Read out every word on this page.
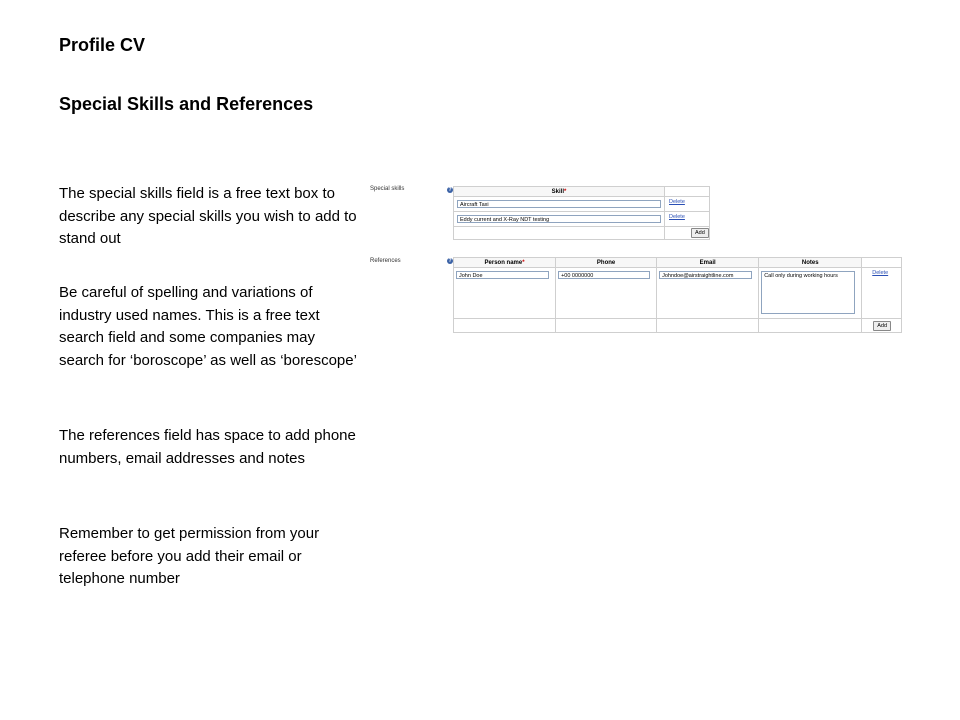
Profile CV
Special Skills and References

The special skills field is a free text box to describe any special skills you wish to add to stand out

Be careful of spelling and variations of industry used names. This is a free text search field and some companies may search for ‘boroscope’ as well as ‘borescope’

The references field has space to add phone numbers, email addresses and notes

Remember to get permission from your referee before you add their email or telephone number

Special skills	?	Skill*	

Aircraft Taxi	Delete

Eddy current and X-Ray NDT testing	Delete

	Add
References	?	Person name*	Phone	Email	Notes	

John Doe	+00 0000000	Johndoe@airstraightline.com	Call only during working hours	Delete

				Add
